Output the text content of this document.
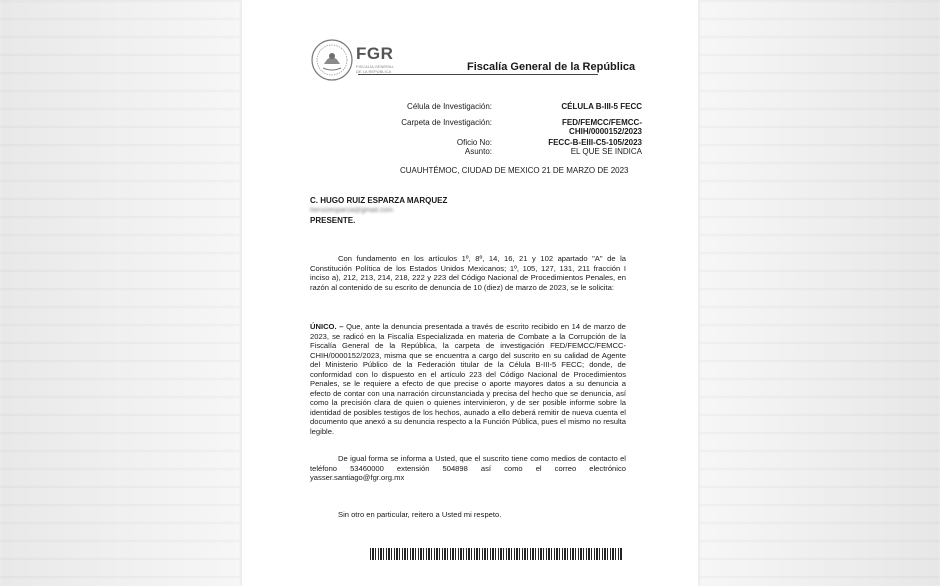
FGR
FISCALÍA GENERAL DE LA REPÚBLICA	Fiscalía General de la República
Célula de Investigación:	CÉLULA B-III-5 FECC
Carpeta de Investigación:	FED/FEMCC/FEMCC-
CHIH/0000152/2023
Oficio No:	FECC-B-EIII-C5-105/2023
Asunto:	EL QUE SE INDICA
CUAUHTÉMOC, CIUDAD DE MEXICO 21 DE MARZO DE 2023
C. HUGO RUIZ ESPARZA MARQUEZ
heruizesparza@gmail.com
PRESENTE.
Con fundamento en los artículos 1º, 8º, 14, 16, 21 y 102 apartado "A" de la Constitución Política de los Estados Unidos Mexicanos; 1º, 105, 127, 131, 211 fracción I inciso a), 212, 213, 214, 218, 222 y 223 del Código Nacional de Procedimientos Penales, en razón al contenido de su escrito de denuncia de 10 (diez) de marzo de 2023, se le solicita:
ÚNICO. – Que, ante la denuncia presentada a través de escrito recibido en 14 de marzo de 2023, se radicó en la Fiscalía Especializada en materia de Combate a la Corrupción de la Fiscalía General de la República, la carpeta de investigación FED/FEMCC/FEMCC-CHIH/0000152/2023, misma que se encuentra a cargo del suscrito en su calidad de Agente del Ministerio Público de la Federación titular de la Célula B-III-5 FECC; donde, de conformidad con lo dispuesto en el artículo 223 del Código Nacional de Procedimientos Penales, se le requiere a efecto de que precise o aporte mayores datos a su denuncia a efecto de contar con una narración circunstanciada y precisa del hecho que se denuncia, así como la precisión clara de quien o quienes intervinieron, y de ser posible informe sobre la identidad de posibles testigos de los hechos, aunado a ello deberá remitir de nueva cuenta el documento que anexó a su denuncia respecto a la Función Pública, pues el mismo no resulta legible.
De igual forma se informa a Usted, que el suscrito tiene como medios de contacto el teléfono 53460000 extensión 504898 así como el correo electrónico yasser.santiago@fgr.org.mx
Sin otro en particular, reitero a Usted mi respeto.
